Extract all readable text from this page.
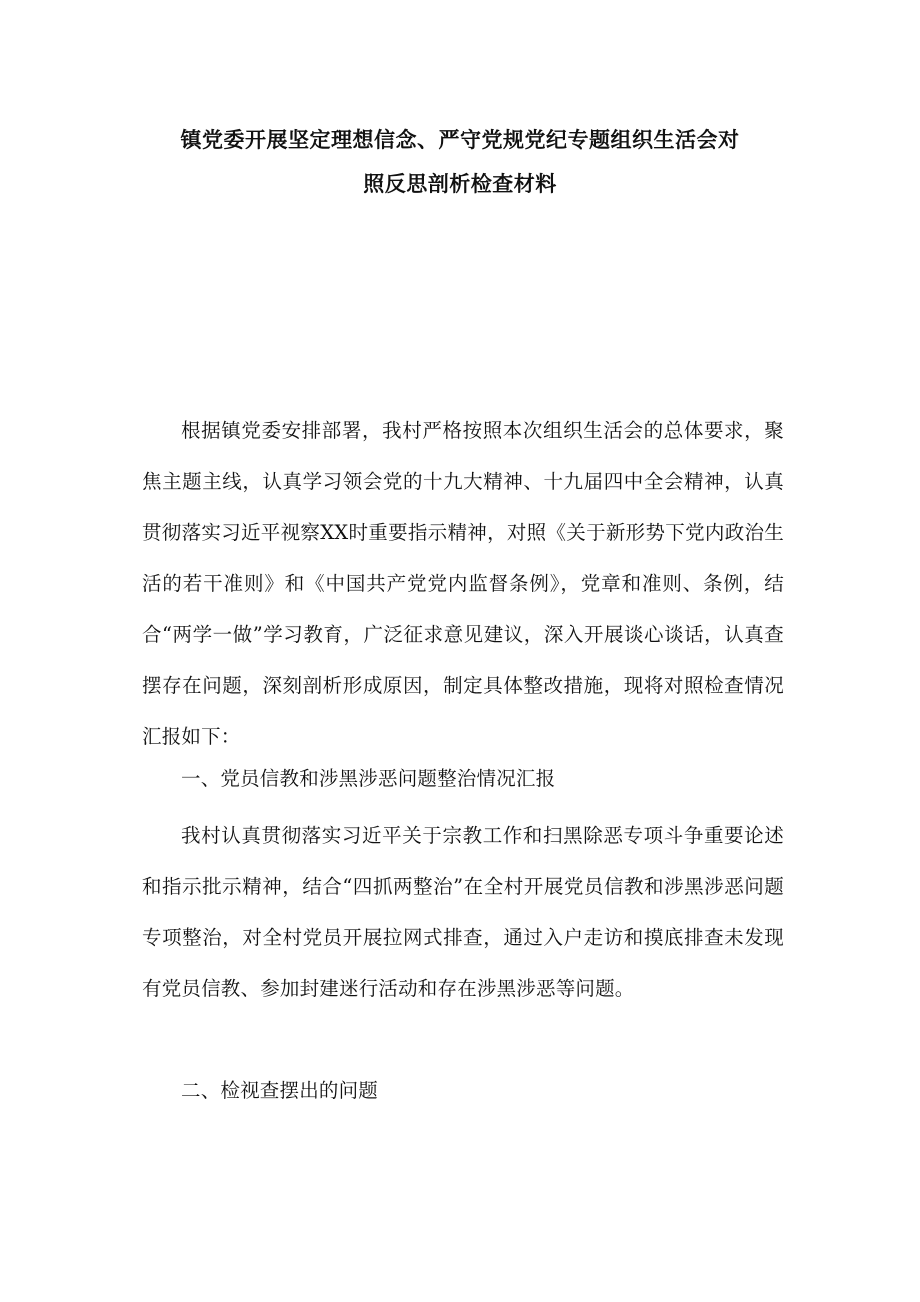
镇党委开展坚定理想信念、严守党规党纪专题组织生活会对
照反思剖析检查材料

根据镇党委安排部署，我村严格按照本次组织生活会的总体要求，聚焦主题主线，认真学习领会党的十九大精神、十九届四中全会精神，认真贯彻落实习近平视察XX时重要指示精神，对照《关于新形势下党内政治生活的若干准则》和《中国共产党党内监督条例》，党章和准则、条例，结合“两学一做”学习教育，广泛征求意见建议，深入开展谈心谈话，认真查摆存在问题，深刻剖析形成原因，制定具体整改措施，现将对照检查情况汇报如下：

一、党员信教和涉黑涉恶问题整治情况汇报

我村认真贯彻落实习近平关于宗教工作和扫黑除恶专项斗争重要论述和指示批示精神，结合“四抓两整治”在全村开展党员信教和涉黑涉恶问题专项整治，对全村党员开展拉网式排查，通过入户走访和摸底排查未发现有党员信教、参加封建迷行活动和存在涉黑涉恶等问题。

二、检视查摆出的问题
